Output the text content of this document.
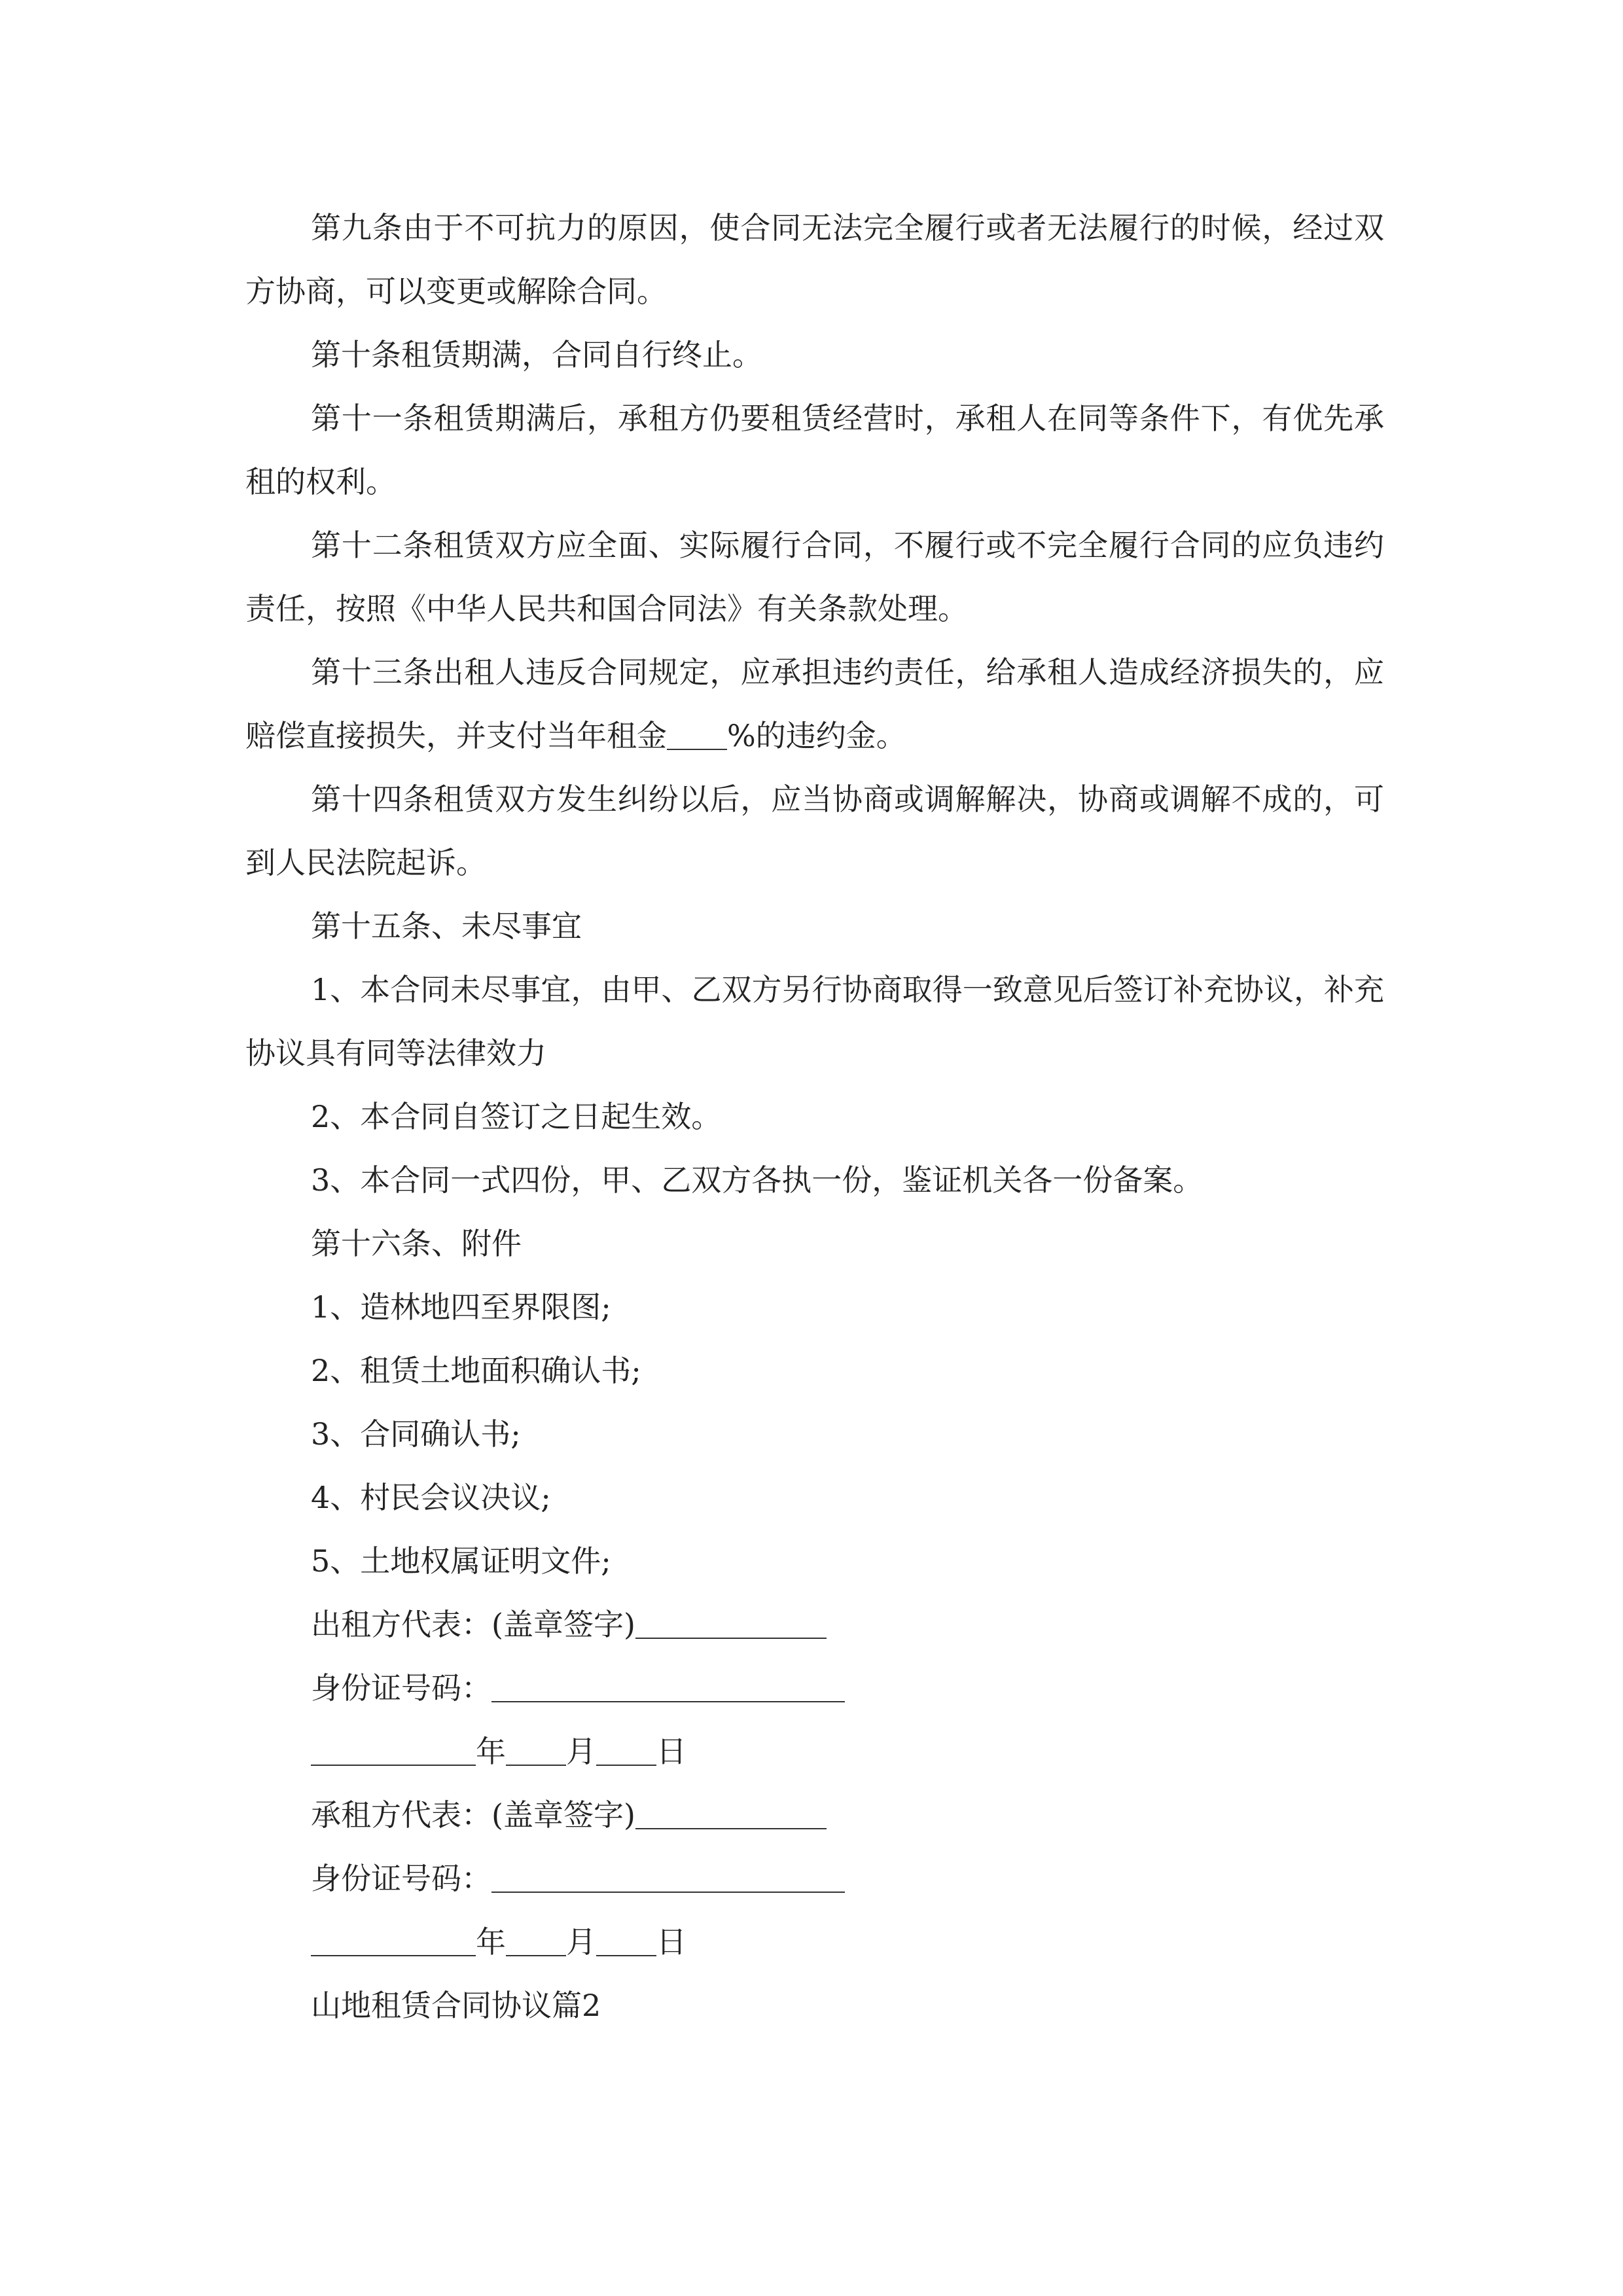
第九条由于不可抗力的原因，使合同无法完全履行或者无法履行的时候，经过双方协商，可以变更或解除合同。

第十条租赁期满，合同自行终止。

第十一条租赁期满后，承租方仍要租赁经营时，承租人在同等条件下，有优先承租的权利。

第十二条租赁双方应全面、实际履行合同，不履行或不完全履行合同的应负违约责任，按照《中华人民共和国合同法》有关条款处理。

第十三条出租人违反合同规定，应承担违约责任，给承租人造成经济损失的，应赔偿直接损失，并支付当年租金 %的违约金。

第十四条租赁双方发生纠纷以后，应当协商或调解解决，协商或调解不成的，可到人民法院起诉。

第十五条、未尽事宜

1、本合同未尽事宜，由甲、乙双方另行协商取得一致意见后签订补充协议，补充协议具有同等法律效力

2、本合同自签订之日起生效。

3、本合同一式四份，甲、乙双方各执一份，鉴证机关各一份备案。

第十六条、附件

1、造林地四至界限图;

2、租赁土地面积确认书;

3、合同确认书;

4、村民会议决议;

5、土地权属证明文件;

出租方代表：(盖章签字)

身份证号码：

年 月 日

承租方代表：(盖章签字)

身份证号码：

年 月 日

山地租赁合同协议篇2
